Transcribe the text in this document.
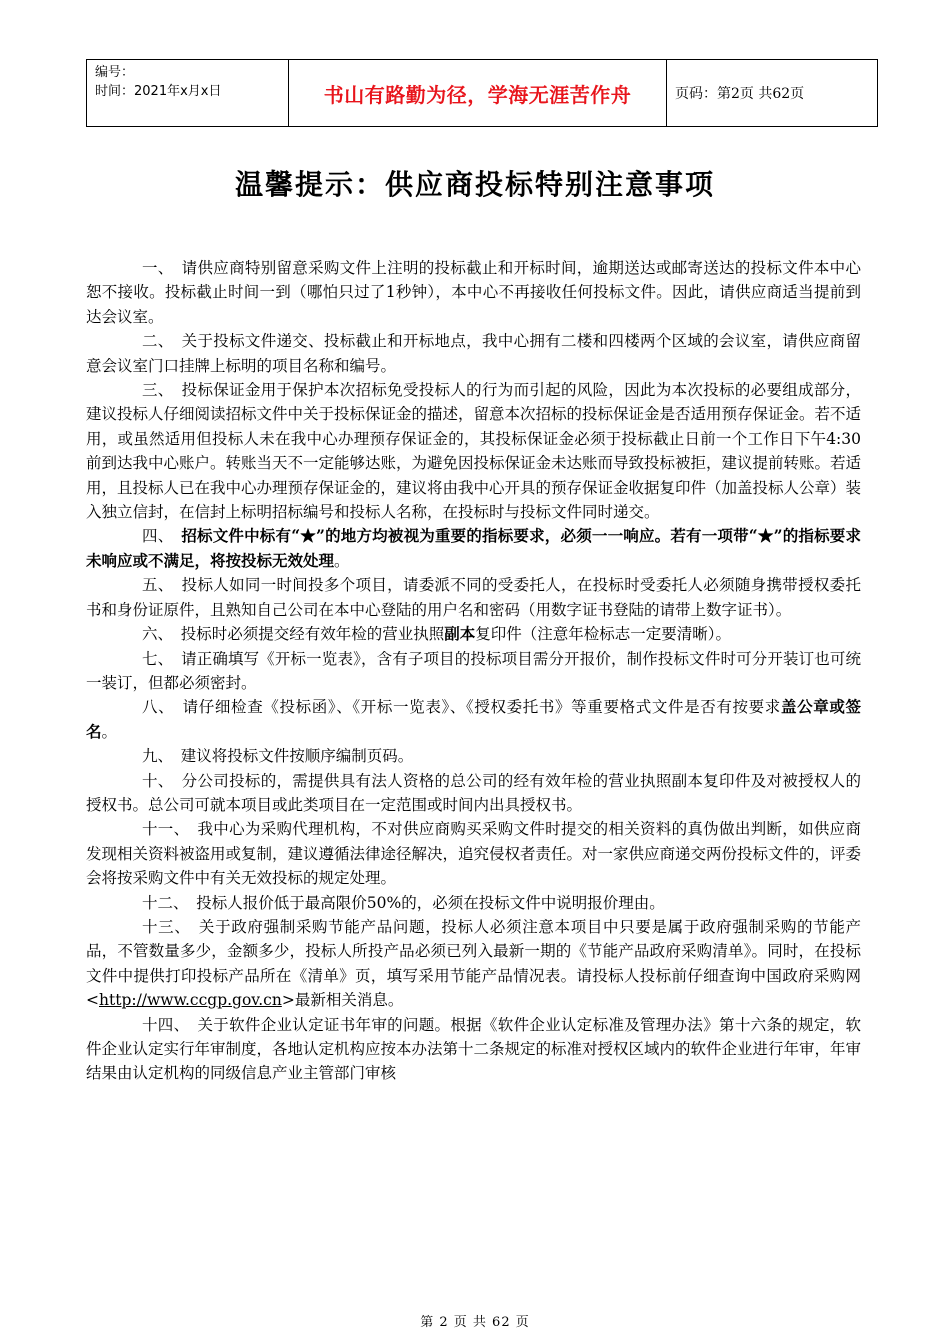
编号：
时间：2021年x月x日	书山有路勤为径，学海无涯苦作舟	页码：第2页 共62页
温馨提示：供应商投标特别注意事项

一、　请供应商特别留意采购文件上注明的投标截止和开标时间，逾期送达或邮寄送达的投标文件本中心恕不接收。投标截止时间一到（哪怕只过了1秒钟），本中心不再接收任何投标文件。因此，请供应商适当提前到达会议室。

二、　关于投标文件递交、投标截止和开标地点，我中心拥有二楼和四楼两个区域的会议室，请供应商留意会议室门口挂牌上标明的项目名称和编号。

三、　投标保证金用于保护本次招标免受投标人的行为而引起的风险，因此为本次投标的必要组成部分，建议投标人仔细阅读招标文件中关于投标保证金的描述，留意本次招标的投标保证金是否适用预存保证金。若不适用，或虽然适用但投标人未在我中心办理预存保证金的，其投标保证金必须于投标截止日前一个工作日下午4:30前到达我中心账户。转账当天不一定能够达账，为避免因投标保证金未达账而导致投标被拒，建议提前转账。若适用，且投标人已在我中心办理预存保证金的，建议将由我中心开具的预存保证金收据复印件（加盖投标人公章）装入独立信封，在信封上标明招标编号和投标人名称，在投标时与投标文件同时递交。

四、　招标文件中标有“★”的地方均被视为重要的指标要求，必须一一响应。若有一项带“★”的指标要求未响应或不满足，将按投标无效处理。

五、　投标人如同一时间投多个项目，请委派不同的受委托人，在投标时受委托人必须随身携带授权委托书和身份证原件，且熟知自己公司在本中心登陆的用户名和密码（用数字证书登陆的请带上数字证书）。

六、　投标时必须提交经有效年检的营业执照副本复印件（注意年检标志一定要清晰）。

七、　请正确填写《开标一览表》，含有子项目的投标项目需分开报价，制作投标文件时可分开装订也可统一装订，但都必须密封。

八、　请仔细检查《投标函》、《开标一览表》、《授权委托书》等重要格式文件是否有按要求盖公章或签名。

九、　建议将投标文件按顺序编制页码。

十、　分公司投标的，需提供具有法人资格的总公司的经有效年检的营业执照副本复印件及对被授权人的授权书。总公司可就本项目或此类项目在一定范围或时间内出具授权书。

十一、　我中心为采购代理机构，不对供应商购买采购文件时提交的相关资料的真伪做出判断，如供应商发现相关资料被盗用或复制，建议遵循法律途径解决，追究侵权者责任。对一家供应商递交两份投标文件的，评委会将按采购文件中有关无效投标的规定处理。

十二、　投标人报价低于最高限价50%的，必须在投标文件中说明报价理由。

十三、　关于政府强制采购节能产品问题，投标人必须注意本项目中只要是属于政府强制采购的节能产品，不管数量多少，金额多少，投标人所投产品必须已列入最新一期的《节能产品政府采购清单》。同时，在投标文件中提供打印投标产品所在《清单》页，填写采用节能产品情况表。请投标人投标前仔细查询中国政府采购网<http://www.ccgp.gov.cn>最新相关消息。

十四、　关于软件企业认定证书年审的问题。根据《软件企业认定标准及管理办法》第十六条的规定，软件企业认定实行年审制度，各地认定机构应按本办法第十二条规定的标准对授权区域内的软件企业进行年审，年审结果由认定机构的同级信息产业主管部门审核

第 2 页 共 62 页
